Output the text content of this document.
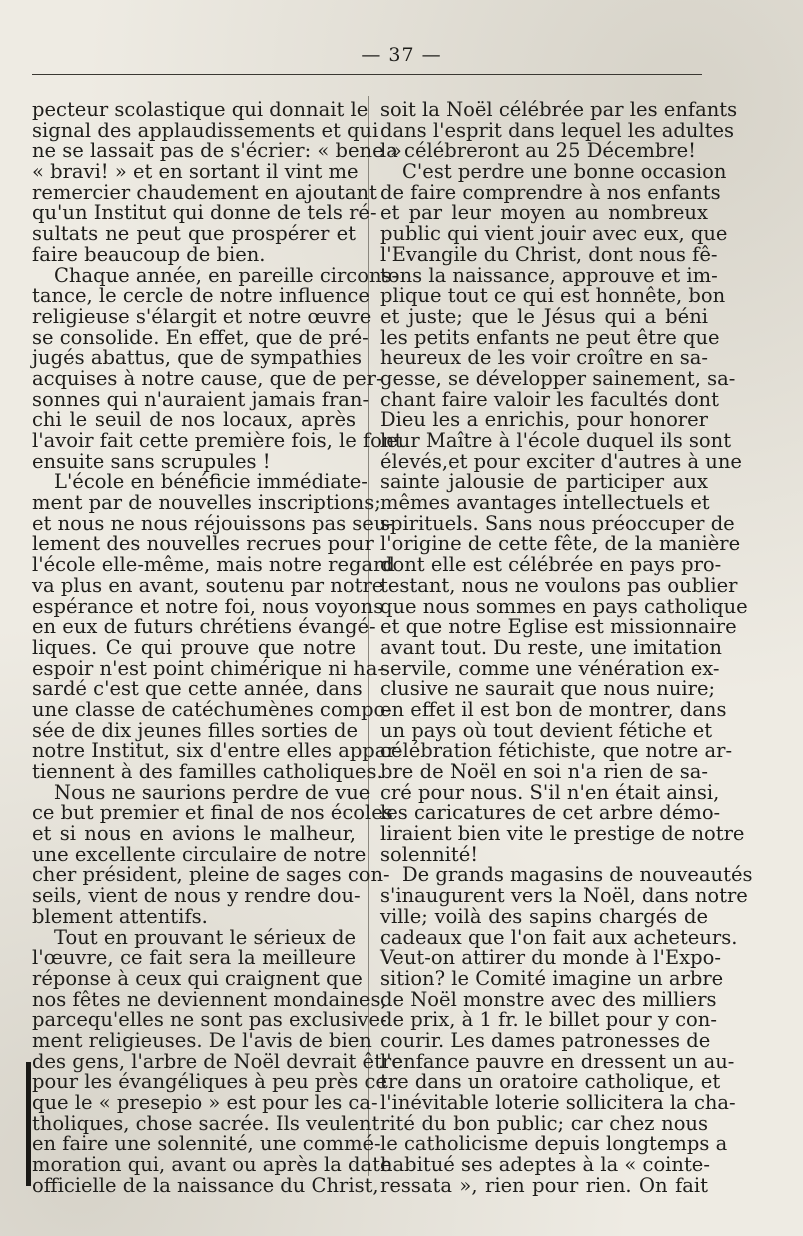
— 37 —
pecteur scolastique qui donnait le
signal des applaudissements et qui
ne se lassait pas de s'écrier: « bene »
« bravi! » et en sortant il vint me
remercier chaudement en ajoutant
qu'un Institut qui donne de tels ré-
sultats ne peut que prospérer et
faire beaucoup de bien.
Chaque année, en pareille circons-
tance, le cercle de notre influence
religieuse s'élargit et notre œuvre
se consolide. En effet, que de pré-
jugés abattus, que de sympathies
acquises à notre cause, que de per-
sonnes qui n'auraient jamais fran-
chi le seuil de nos locaux, après
l'avoir fait cette première fois, le font
ensuite sans scrupules !
L'école en bénéficie immédiate-
ment par de nouvelles inscriptions;
et nous ne nous réjouissons pas seu-
lement des nouvelles recrues pour
l'école elle-même, mais notre regard
va plus en avant, soutenu par notre
espérance et notre foi, nous voyons
en eux de futurs chrétiens évangé-
liques. Ce qui prouve que notre
espoir n'est point chimérique ni ha-
sardé c'est que cette année, dans
une classe de catéchumènes compo-
sée de dix jeunes filles sorties de
notre Institut, six d'entre elles appar-
tiennent à des familles catholiques.
Nous ne saurions perdre de vue
ce but premier et final de nos écoles
et si nous en avions le malheur,
une excellente circulaire de notre
cher président, pleine de sages con-
seils, vient de nous y rendre dou-
blement attentifs.
Tout en prouvant le sérieux de
l'œuvre, ce fait sera la meilleure
réponse à ceux qui craignent que
nos fêtes ne deviennent mondaines,
parcequ'elles ne sont pas exclusive-
ment religieuses. De l'avis de bien
des gens, l'arbre de Noël devrait être
pour les évangéliques à peu près ce
que le « presepio » est pour les ca-
tholiques, chose sacrée. Ils veulent
en faire une solennité, une commé-
moration qui, avant ou après la date
officielle de la naissance du Christ,
soit la Noël célébrée par les enfants
dans l'esprit dans lequel les adultes
la célébreront au 25 Décembre!
C'est perdre une bonne occasion
de faire comprendre à nos enfants
et par leur moyen au nombreux
public qui vient jouir avec eux, que
l'Evangile du Christ, dont nous fê-
tons la naissance, approuve et im-
plique tout ce qui est honnête, bon
et juste; que le Jésus qui a béni
les petits enfants ne peut être que
heureux de les voir croître en sa-
gesse, se développer sainement, sa-
chant faire valoir les facultés dont
Dieu les a enrichis, pour honorer
leur Maître à l'école duquel ils sont
élevés,et pour exciter d'autres à une
sainte jalousie de participer aux
mêmes avantages intellectuels et
spirituels. Sans nous préoccuper de
l'origine de cette fête, de la manière
dont elle est célébrée en pays pro-
testant, nous ne voulons pas oublier
que nous sommes en pays catholique
et que notre Eglise est missionnaire
avant tout. Du reste, une imitation
servile, comme une vénération ex-
clusive ne saurait que nous nuire;
en effet il est bon de montrer, dans
un pays où tout devient fétiche et
célébration fétichiste, que notre ar-
bre de Noël en soi n'a rien de sa-
cré pour nous. S'il n'en était ainsi,
les caricatures de cet arbre démo-
liraient bien vite le prestige de notre
solennité!
De grands magasins de nouveautés
s'inaugurent vers la Noël, dans notre
ville; voilà des sapins chargés de
cadeaux que l'on fait aux acheteurs.
Veut-on attirer du monde à l'Expo-
sition? le Comité imagine un arbre
de Noël monstre avec des milliers
de prix, à 1 fr. le billet pour y con-
courir. Les dames patronesses de
l'enfance pauvre en dressent un au-
tre dans un oratoire catholique, et
l'inévitable loterie sollicitera la cha-
rité du bon public; car chez nous
le catholicisme depuis longtemps a
habitué ses adeptes à la « cointe-
ressata », rien pour rien. On fait
